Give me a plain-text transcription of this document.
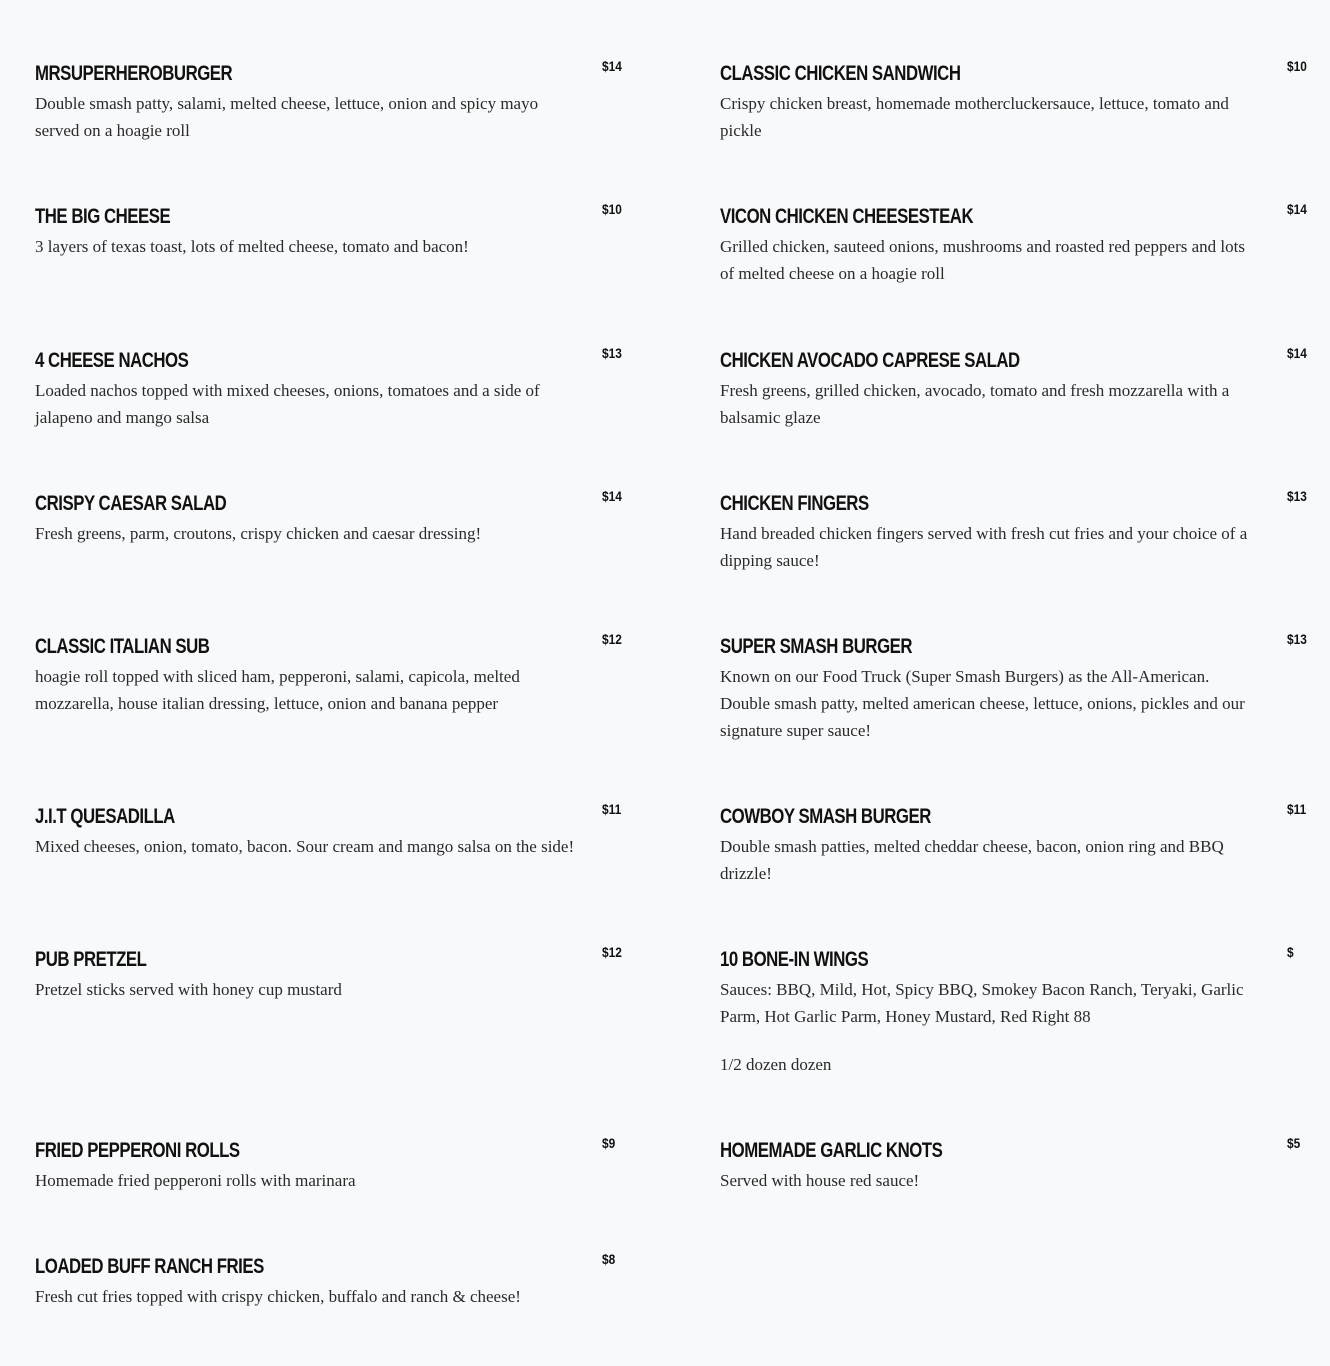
MRSUPERHEROBURGER	$14
Double smash patty, salami, melted cheese, lettuce, onion and spicy mayo served on a hoagie roll
THE BIG CHEESE	$10
3 layers of texas toast, lots of melted cheese, tomato and bacon!
4 CHEESE NACHOS	$13
Loaded nachos topped with mixed cheeses, onions, tomatoes and a side of jalapeno and mango salsa
CRISPY CAESAR SALAD	$14
Fresh greens, parm, croutons, crispy chicken and caesar dressing!
CLASSIC ITALIAN SUB	$12
hoagie roll topped with sliced ham, pepperoni, salami, capicola, melted mozzarella, house italian dressing, lettuce, onion and banana pepper
J.I.T QUESADILLA	$11
Mixed cheeses, onion, tomato, bacon. Sour cream and mango salsa on the side!
PUB PRETZEL	$12
Pretzel sticks served with honey cup mustard
FRIED PEPPERONI ROLLS	$9
Homemade fried pepperoni rolls with marinara
LOADED BUFF RANCH FRIES	$8
Fresh cut fries topped with crispy chicken, buffalo and ranch & cheese!
CLASSIC CHICKEN SANDWICH	$10
Crispy chicken breast, homemade mothercluckersauce, lettuce, tomato and pickle
VICON CHICKEN CHEESESTEAK	$14
Grilled chicken, sauteed onions, mushrooms and roasted red peppers and lots of melted cheese on a hoagie roll
CHICKEN AVOCADO CAPRESE SALAD	$14
Fresh greens, grilled chicken, avocado, tomato and fresh mozzarella with a balsamic glaze
CHICKEN FINGERS	$13
Hand breaded chicken fingers served with fresh cut fries and your choice of a dipping sauce!
SUPER SMASH BURGER	$13
Known on our Food Truck (Super Smash Burgers) as the All-American. Double smash patty, melted american cheese, lettuce, onions, pickles and our signature super sauce!
COWBOY SMASH BURGER	$11
Double smash patties, melted cheddar cheese, bacon, onion ring and BBQ drizzle!
10 BONE-IN WINGS	$
Sauces: BBQ, Mild, Hot, Spicy BBQ, Smokey Bacon Ranch, Teryaki, Garlic Parm, Hot Garlic Parm, Honey Mustard, Red Right 88
1/2 dozen dozen
HOMEMADE GARLIC KNOTS	$5
Served with house red sauce!
